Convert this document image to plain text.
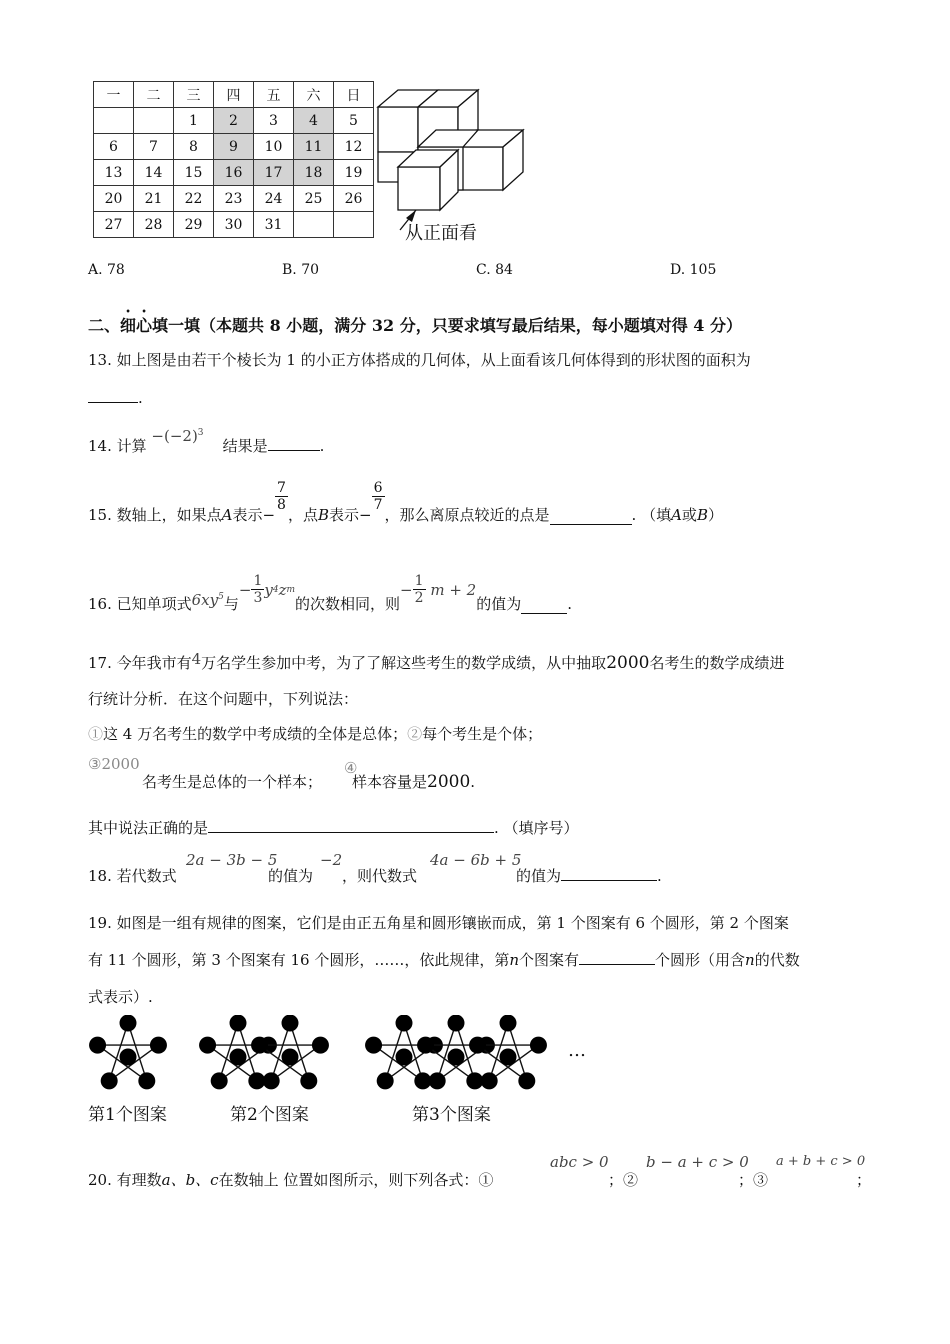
一	二	三	四	五	六	日
		1	2	3	4	5
6	7	8	9	10	11	12
13	14	15	16	17	18	19
20	21	22	23	24	25	26
27	28	29	30	31			从正面看
A. 78	B. 70	C. 84	D. 105
二、细心填一填（本题共 8 小题，满分 32 分，只要求填写最后结果，每小题填对得 4 分）
13. 如上图是由若干个棱长为 1 的小正方体搭成的几何体，从上面看该几何体得到的形状图的面积为
.
14. 计算 $-(-2)^3$    结果是	.
15. 数轴上，如果点 A 表示−
$\frac{7}{8}$
，点 B 表示−
$\frac{6}{7}$
，那么离原点较近的点是	. （填 A 或 B ）
16. 已知单项式 $6xy^5$ 与
− $\frac{1}{3}$ y 4 z m
的次数相同，则
− $\frac{1}{2}$
m + 2
的值为	.
17. 今年我市有4万名学生参加中考，为了了解这些考生的数学成绩，从中抽取2000名考生的数学成绩进
行统计分析．在这个问题中，下列说法：
①这 4 万名考生的数学中考成绩的全体是总体；②每个考生是个体；
③2000
名考生是总体的一个样本；
④
样本容量是2000.
其中说法正确的是	. （填序号）
18. 若代数式
2a − 3b − 5
的值为
−2
，则代数式
4a − 6b + 5
的值为	.
19. 如图是一组有规律的图案，它们是由正五角星和圆形镶嵌而成，第 1 个图案有 6 个圆形，第 2 个图案
有 11 个圆形，第 3 个图案有 16 个圆形，……，依此规律，第n个图案有	个圆形（用含n的代数
式表示）.
…
第1个图案	第2个图案	第3个图案
20. 有理数a、b、c在数轴上 位置如图所示，则下列各式：①
abc > 0
；②
b − a + c > 0
；③
a + b + c > 0
；
